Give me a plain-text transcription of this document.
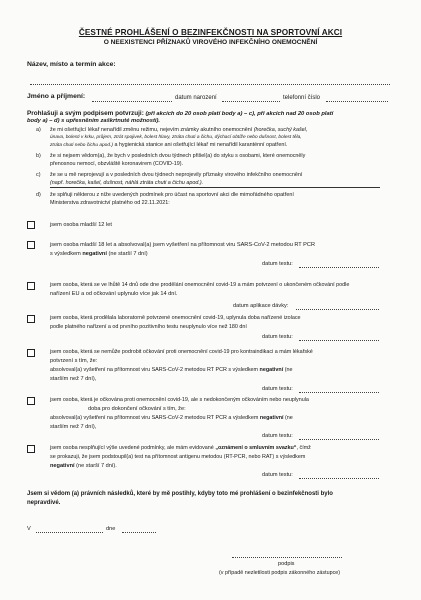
ČESTNÉ PROHLÁŠENÍ O BEZINFEKČNOSTI NA SPORTOVNÍ AKCI
O NEEXISTENCI PŘÍZNAKŮ VIROVÉHO INFEKČNÍHO ONEMOCNĚNÍ
Název, místo a termín akce:
Jméno a příjmení:	datum narození	telefonní číslo
Prohlašuji a svým podpisem potvrzuji: (při akcích do 20 osob platí body a) – c), při akcích nad 20 osob platí
body a) – d) s upřesněním zaškrtnuté možnosti).
a) že mi ošetřující lékař nenařídil změnu režimu, nejevím známky akutního onemocnění (horečka, suchý kašel,
únava, bolesti v krku, průjem, ztrát spojivek, bolest hlavy, ztráta chuti a čichu, dýchací obtíže nebo dušnost, bolest těla,
ztráta chuti nebo čichu apod.) a hygienická stanice ani ošetřující lékař mi nenařídil karanténní opatření.
b) že si nejsem vědom(a), že bych v posledních dvou týdnech přišel(a) do styku s osobami, které onemocněly
přenosnou nemocí, obzvláště koronavirem (COVID-19).
c) že se u mě neprojevují a v posledních dvou týdnech neprojevily příznaky virového infekčního onemocnění
(např. horečka, kašel, dušnost, náhlá ztráta chuti a čichu apod.).
d) že splňuji některou z níže uvedených podmínek pro účast na sportovní akci dle mimořádného opatření
Ministerstva zdravotnictví platného od 22.11.2021:
jsem osoba mladší 12 let
jsem osoba mladší 18 let a absolvoval(a) jsem vyšetření na přítomnost viru SARS-CoV-2 metodou RT PCR
s výsledkem negativní (ne starší 7 dní)
datum testu:
jsem osoba, která se ve lhůtě 14 dnů ode dne prodělání onemocnění covid-19 a mám potvrzení o ukončeném očkování podle
nařízení EU a od očkování uplynulo více jak 14 dní.
datum aplikace dávky:
jsem osoba, která prodělala laboratorně potvrzené onemocnění covid-19, uplynula doba nařízené izolace
podle platného nařízení a od prvního pozitivního testu neuplynulo více než 180 dní
datum testu:
jsem osoba, která se nemůže podrobit očkování proti onemocnění covid-19 pro kontraindikaci a mám lékařské
potvrzení s tím, že:
absolvoval(a) vyšetření na přítomnost viru SARS-CoV-2 metodou RT PCR s výsledkem negativní (ne
starším než 7 dní),
datum testu:
jsem osoba, která je očkována proti onemocnění covid-19, ale s nedokončeným očkováním nebo neuplynula
doba pro dokončení očkování s tím, že:
absolvoval(a) vyšetření na přítomnost viru SARS-CoV-2 metodou RT PCR a výsledkem negativní (ne
starším než 7 dní),
datum testu:
jsem osoba nesplňující výše uvedené podmínky, ale mám evidované „oznámení o smluvním svazku“, čímž
se prokazuji, že jsem podstoupil(a) test na přítomnost antigenu metodou (RT-PCR, nebo RAT) s výsledkem
negativní (ne starší 7 dní).
datum testu:
Jsem si vědom (a) právních následků, které by mě postihly, kdyby toto mé prohlášení o bezinfekčnosti bylo
nepravdivé.
V	dne
podpis
(v případě nezletilosti podpis zákonného zástupce)
